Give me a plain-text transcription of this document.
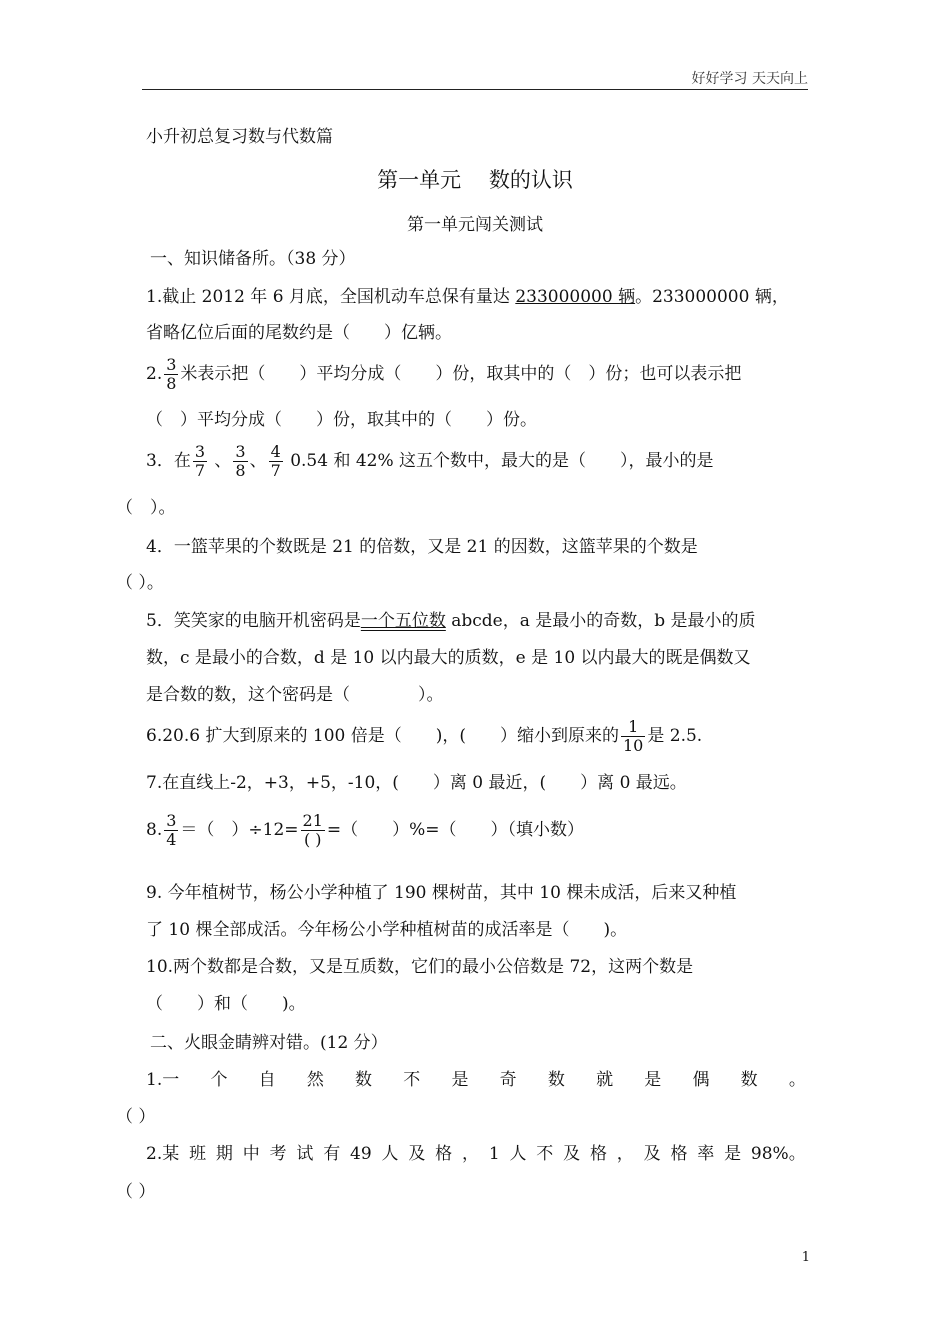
好好学习 天天向上
小升初总复习数与代数篇
第一单元　 数的认识
第一单元闯关测试
一、知识储备所。（38 分）
1.截止 2012 年 6 月底，全国机动车总保有量达 233000000 辆。233000000 辆，
省略亿位后面的尾数约是（　　）亿辆。
2. $\frac{3}{8}$ 米表示把（　　）平均分成（　　）份，取其中的（　）份；也可以表示把
（　）平均分成（　　）份，取其中的（　　）份。
3．在 $\frac{3}{7}$ 、 $\frac{3}{8}$ 、 $\frac{4}{7} 0.54$ 和 42% 这五个数中，最大的是（　　），最小的是
（　）。
4．一篮苹果的个数既是 21 的倍数，又是 21 的因数，这篮苹果的个数是
（ ）。
5．笑笑家的电脑开机密码是一个五位数 abcde，a 是最小的奇数，b 是最小的质
数，c 是最小的合数，d 是 10 以内最大的质数，e 是 10 以内最大的既是偶数又
是合数的数，这个密码是（　　　　）。
6.20.6 扩大到原来的 100 倍是（　　)，(　　）缩小到原来的 $\frac{1}{10}$ 是 2.5.
7.在直线上-2，+3，+5，-10，(　　）离 0 最近，(　　）离 0 最远。
8. $\frac{3}{4}$ ＝（　）$\div 12= \frac{21}{( )}$ =（　　）%=（　　）（填小数）
9. 今年植树节，杨公小学种植了 190 棵树苗，其中 10 棵未成活，后来又种植
了 10 棵全部成活。今年杨公小学种植树苗的成活率是（　　)。
10.两个数都是合数，又是互质数，它们的最小公倍数是 72，这两个数是
（　　）和（　　)。
二、火眼金睛辨对错。(12 分）
1.一 个 自 然 数 不 是 奇 数 就 是 偶 数 。
（ ）
2.某 班 期 中 考 试 有 49 人 及 格 ， 1 人 不 及 格 ， 及 格 率 是 98%。
（ ）
1
